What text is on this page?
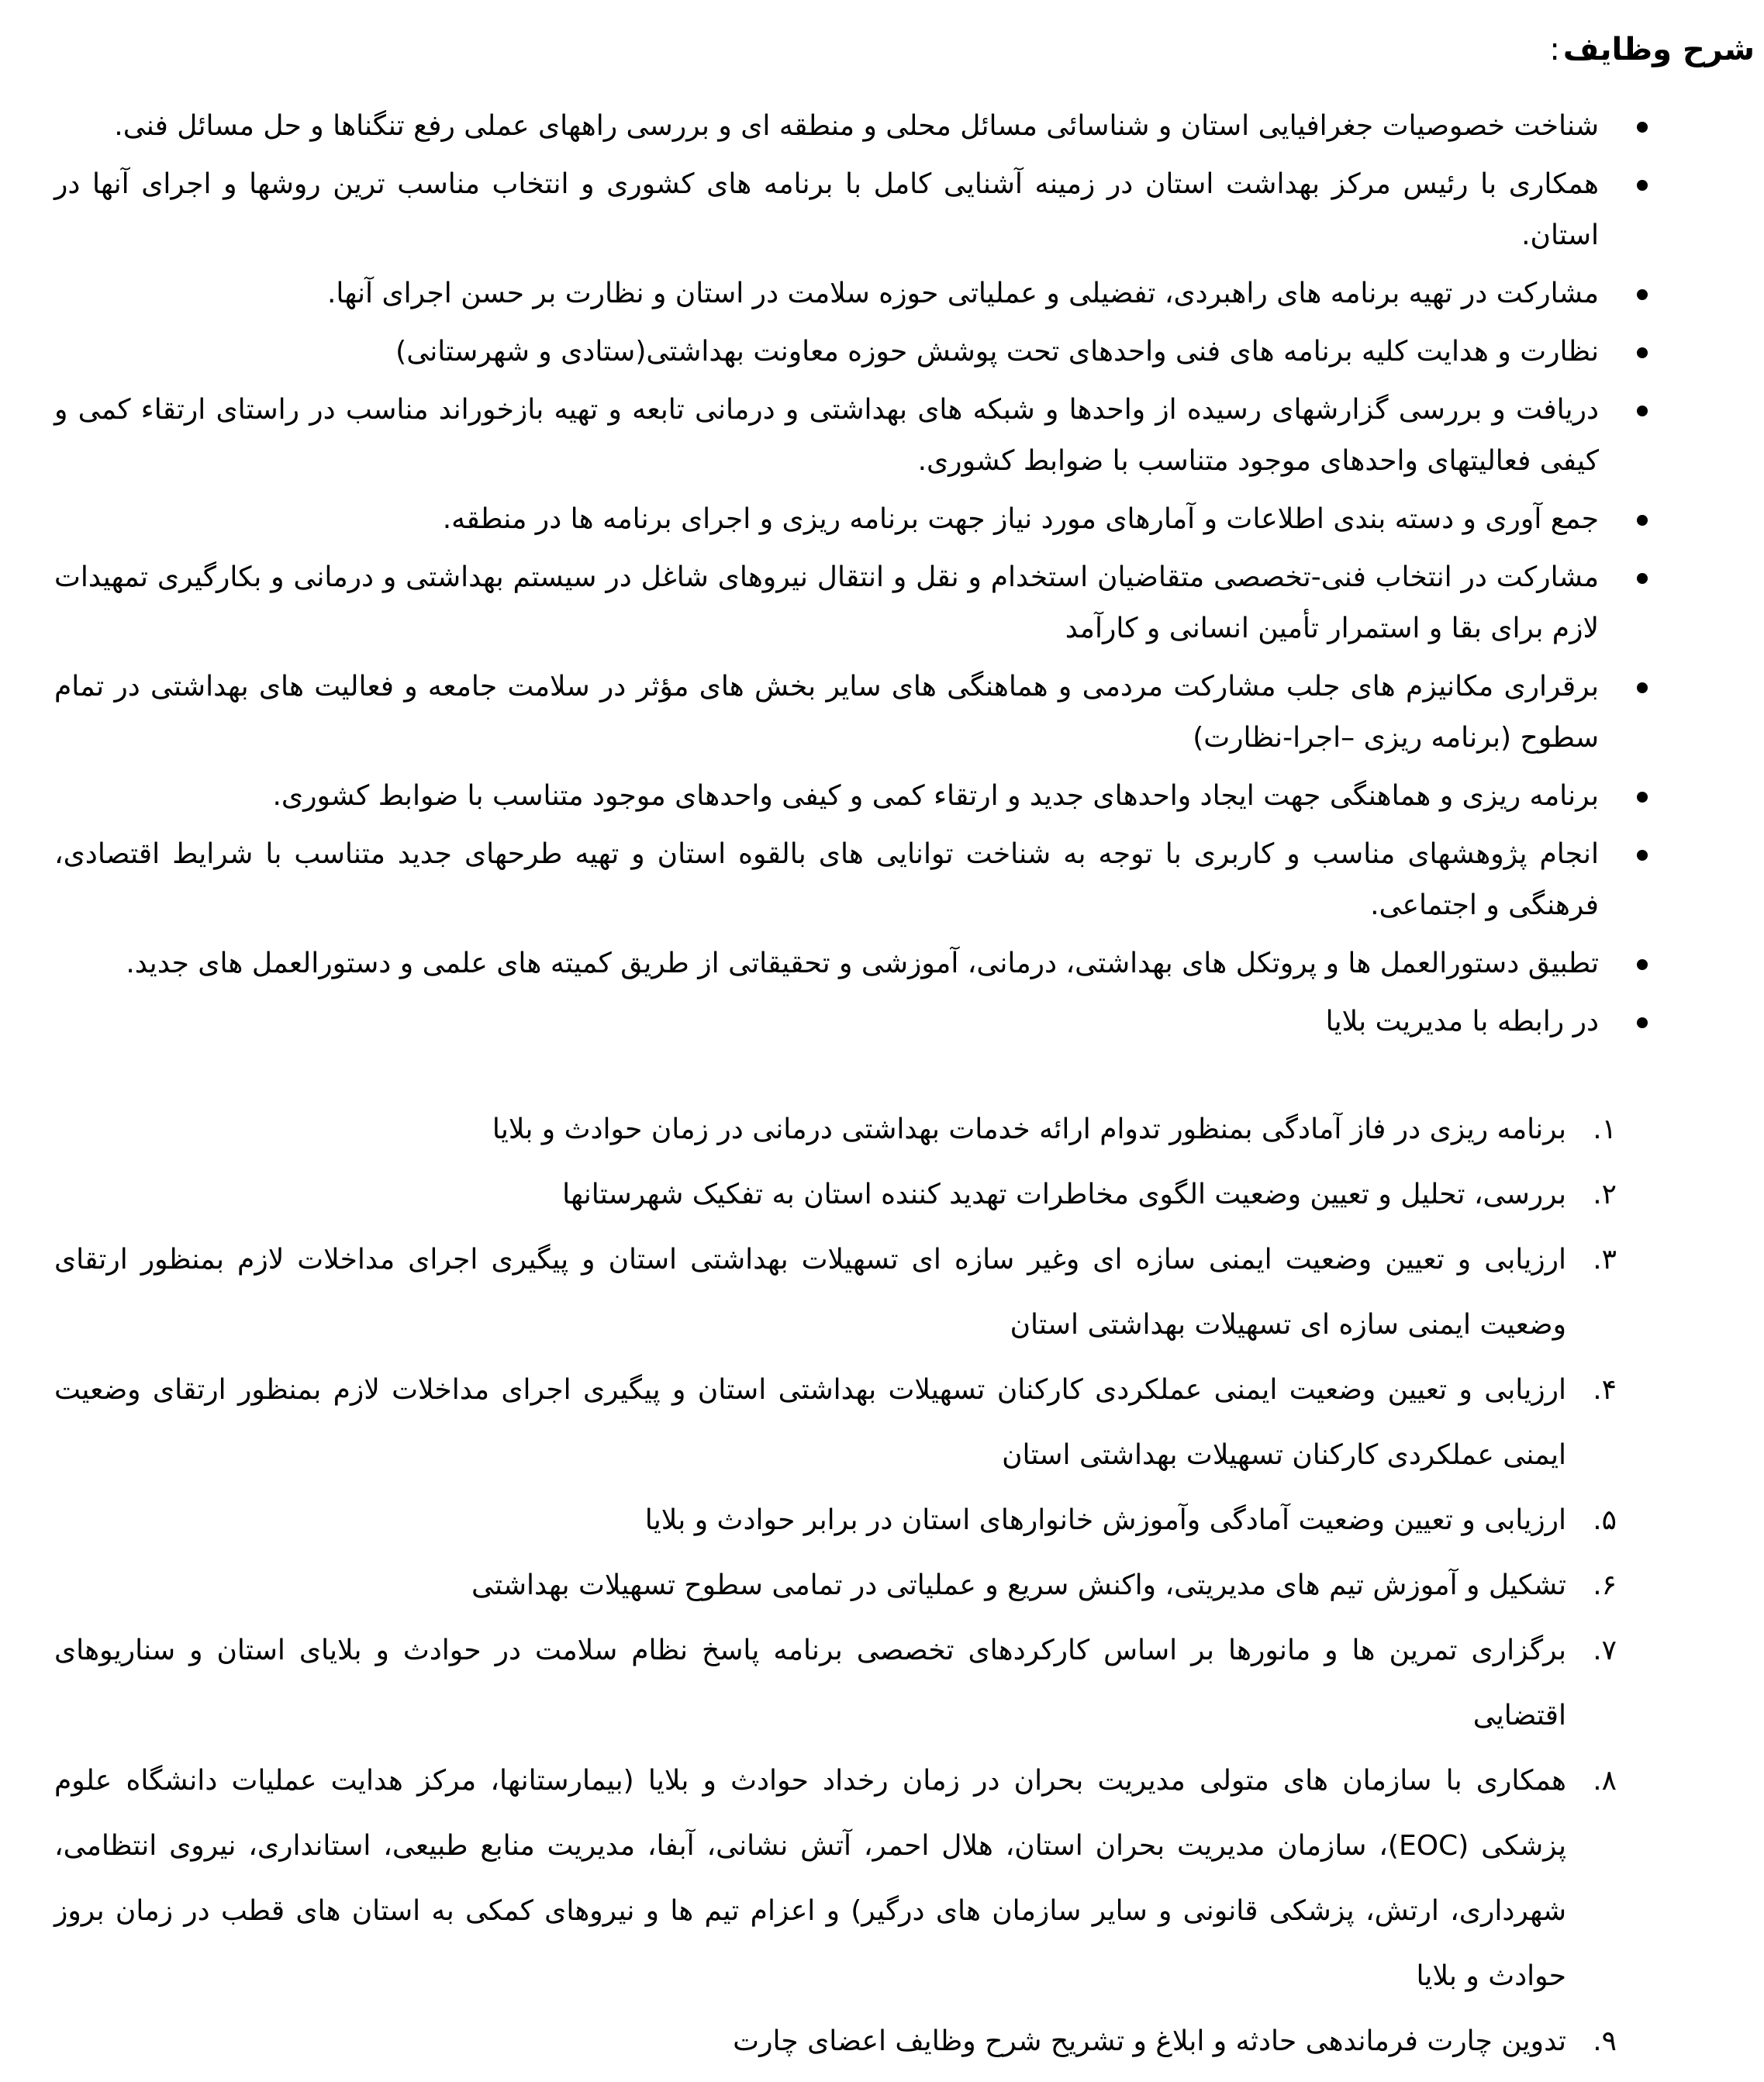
شرح وظایف:
شناخت خصوصیات جغرافیایی استان و شناسائی مسائل محلی و منطقه ای و بررسی راههای عملی رفع تنگناها و حل مسائل فنی.
همکاری با رئیس مرکز بهداشت استان در زمینه آشنایی کامل با برنامه های کشوری و انتخاب مناسب ترین روشها و اجرای آنها در استان.
مشارکت در تهیه برنامه های راهبردی، تفضیلی و عملیاتی حوزه سلامت در استان و نظارت بر حسن اجرای آنها.
نظارت و هدایت کلیه برنامه های فنی واحدهای تحت پوشش حوزه معاونت بهداشتی(ستادی و شهرستانی)
دریافت و بررسی گزارشهای رسیده از واحدها و شبکه های بهداشتی و درمانی تابعه و تهیه بازخوراند مناسب در راستای ارتقاء کمی و کیفی فعالیتهای واحدهای موجود متناسب با ضوابط کشوری.
جمع آوری و دسته بندی اطلاعات و آمارهای مورد نیاز جهت برنامه ریزی و اجرای برنامه ها در منطقه.
مشارکت در انتخاب فنی-تخصصی متقاضیان استخدام و نقل و انتقال نیروهای شاغل در سیستم بهداشتی و درمانی و بکارگیری تمهیدات لازم برای بقا و استمرار تأمین انسانی و کارآمد
برقراری مکانیزم های جلب مشارکت مردمی و هماهنگی های سایر بخش های مؤثر در سلامت جامعه و فعالیت های بهداشتی در تمام سطوح (برنامه ریزی –اجرا-نظارت)
برنامه ریزی و هماهنگی جهت ایجاد واحدهای جدید و ارتقاء کمی و کیفی واحدهای موجود متناسب با ضوابط کشوری.
انجام پژوهشهای مناسب و کاربری با توجه به شناخت توانایی های بالقوه استان و تهیه طرحهای جدید متناسب با شرایط اقتصادی، فرهنگی و اجتماعی.
تطبیق دستورالعمل ها و پروتکل های بهداشتی، درمانی، آموزشی و تحقیقاتی از طریق کمیته های علمی و دستورالعمل های جدید.
در رابطه با مدیریت بلایا
۱.
برنامه ریزی در فاز آمادگی بمنظور تدوام ارائه خدمات بهداشتی درمانی در زمان حوادث و بلایا
۲.
بررسی، تحلیل و تعیین وضعیت الگوی مخاطرات تهدید کننده استان به تفکیک شهرستانها
۳.
ارزیابی و تعیین وضعیت ایمنی سازه ای وغیر سازه ای تسهیلات بهداشتی استان و پیگیری اجرای مداخلات لازم بمنظور ارتقای وضعیت ایمنی سازه ای تسهیلات بهداشتی استان
۴.
ارزیابی و تعیین وضعیت ایمنی عملکردی کارکنان تسهیلات بهداشتی استان و پیگیری اجرای مداخلات لازم بمنظور ارتقای وضعیت ایمنی عملکردی کارکنان تسهیلات بهداشتی استان
۵.
ارزیابی و تعیین وضعیت آمادگی وآموزش خانوارهای استان در برابر حوادث و بلایا
۶.
تشکیل و آموزش تیم های مدیریتی، واکنش سریع و عملیاتی در تمامی سطوح تسهیلات بهداشتی
۷.
برگزاری تمرین ها و مانورها بر اساس کارکردهای تخصصی برنامه پاسخ نظام سلامت در حوادث و بلایای استان و سناریوهای اقتضایی
۸.
همکاری با سازمان های متولی مدیریت بحران در زمان رخداد حوادث و بلایا (بیمارستانها، مرکز هدایت عملیات دانشگاه علوم پزشکی (EOC)، سازمان مدیریت بحران استان، هلال احمر، آتش نشانی، آبفا، مدیریت منابع طبیعی، استانداری، نیروی انتظامی، شهرداری، ارتش، پزشکی قانونی و سایر سازمان های درگیر) و اعزام تیم ها و نیروهای کمکی به استان های قطب در زمان بروز حوادث و بلایا
۹.
تدوین چارت فرماندهی حادثه و ابلاغ و تشریح شرح وظایف اعضای چارت
